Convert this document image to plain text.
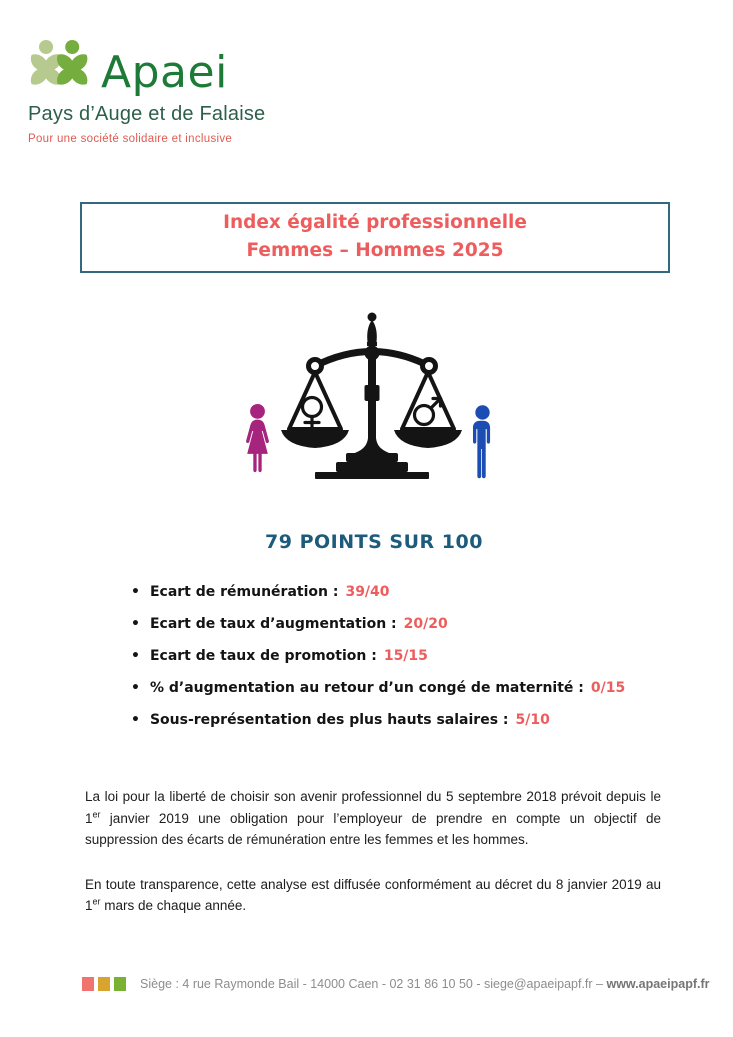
Apaei
Pays d’Auge et de Falaise
Pour une société solidaire et inclusive
Index égalité professionnelle
Femmes – Hommes 2025
79 POINTS SUR 100
• Ecart de rémunération : 39/40
• Ecart de taux d’augmentation : 20/20
• Ecart de taux de promotion : 15/15
• % d’augmentation au retour d’un congé de maternité : 0/15
• Sous-représentation des plus hauts salaires : 5/10

La loi pour la liberté de choisir son avenir professionnel du 5 septembre 2018 prévoit depuis le 1er janvier 2019 une obligation pour l’employeur de prendre en compte un objectif de suppression des écarts de rémunération entre les femmes et les hommes.

En toute transparence, cette analyse est diffusée conformément au décret du 8 janvier 2019 au 1er mars de chaque année.

Siège : 4 rue Raymonde Bail - 14000 Caen - 02 31 86 10 50 - siege@apaeipapf.fr – www.apaeipapf.fr
